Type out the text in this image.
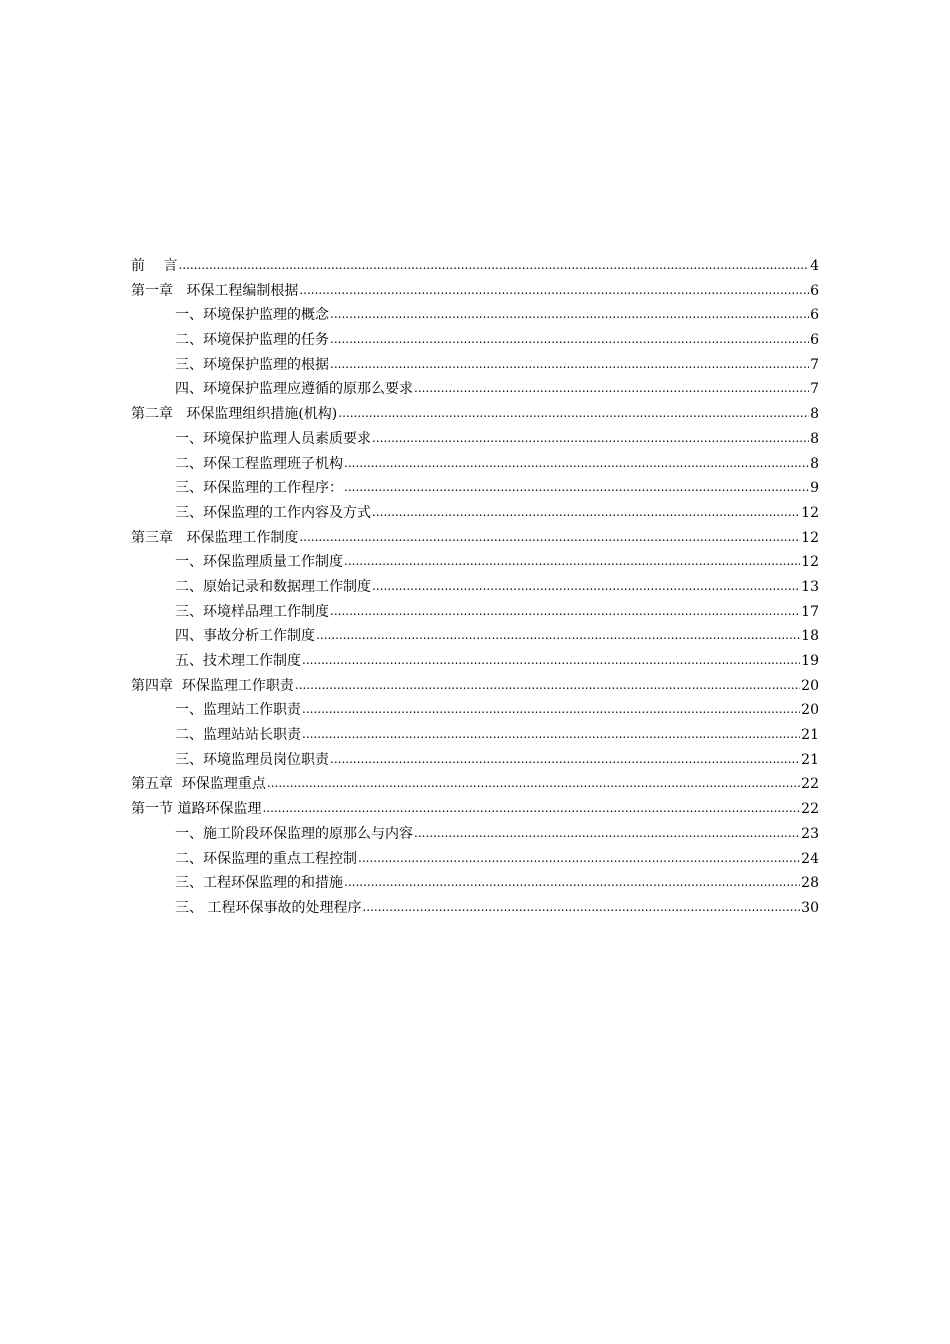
前　 言 .....	4
第一章   环保工程编制根据 .....	6
一、环境保护监理的概念 .....	6
二、环境保护监理的任务 .....	6
三、环境保护监理的根据 .....	7
四、环境保护监理应遵循的原那么要求 .....	7
第二章   环保监理组织措施(机构) .....	8
一、环境保护监理人员素质要求 .....	8
二、环保工程监理班子机构 .....	8
三、环保监理的工作程序： .....	9
三、环保监理的工作内容及方式 .....	12
第三章   环保监理工作制度 .....	12
一、环保监理质量工作制度 .....	12
二、原始记录和数据理工作制度 .....	13
三、环境样品理工作制度 .....	17
四、事故分析工作制度 .....	18
五、技术理工作制度 .....	19
第四章  环保监理工作职责 .....	20
一、监理站工作职责 .....	20
二、监理站站长职责 .....	21
三、环境监理员岗位职责 .....	21
第五章  环保监理重点 .....	22
第一节 道路环保监理 .....	22
一、施工阶段环保监理的原那么与内容 .....	23
二、环保监理的重点工程控制 .....	24
三、工程环保监理的和措施 .....	28
三、 工程环保事故的处理程序 .....	30
